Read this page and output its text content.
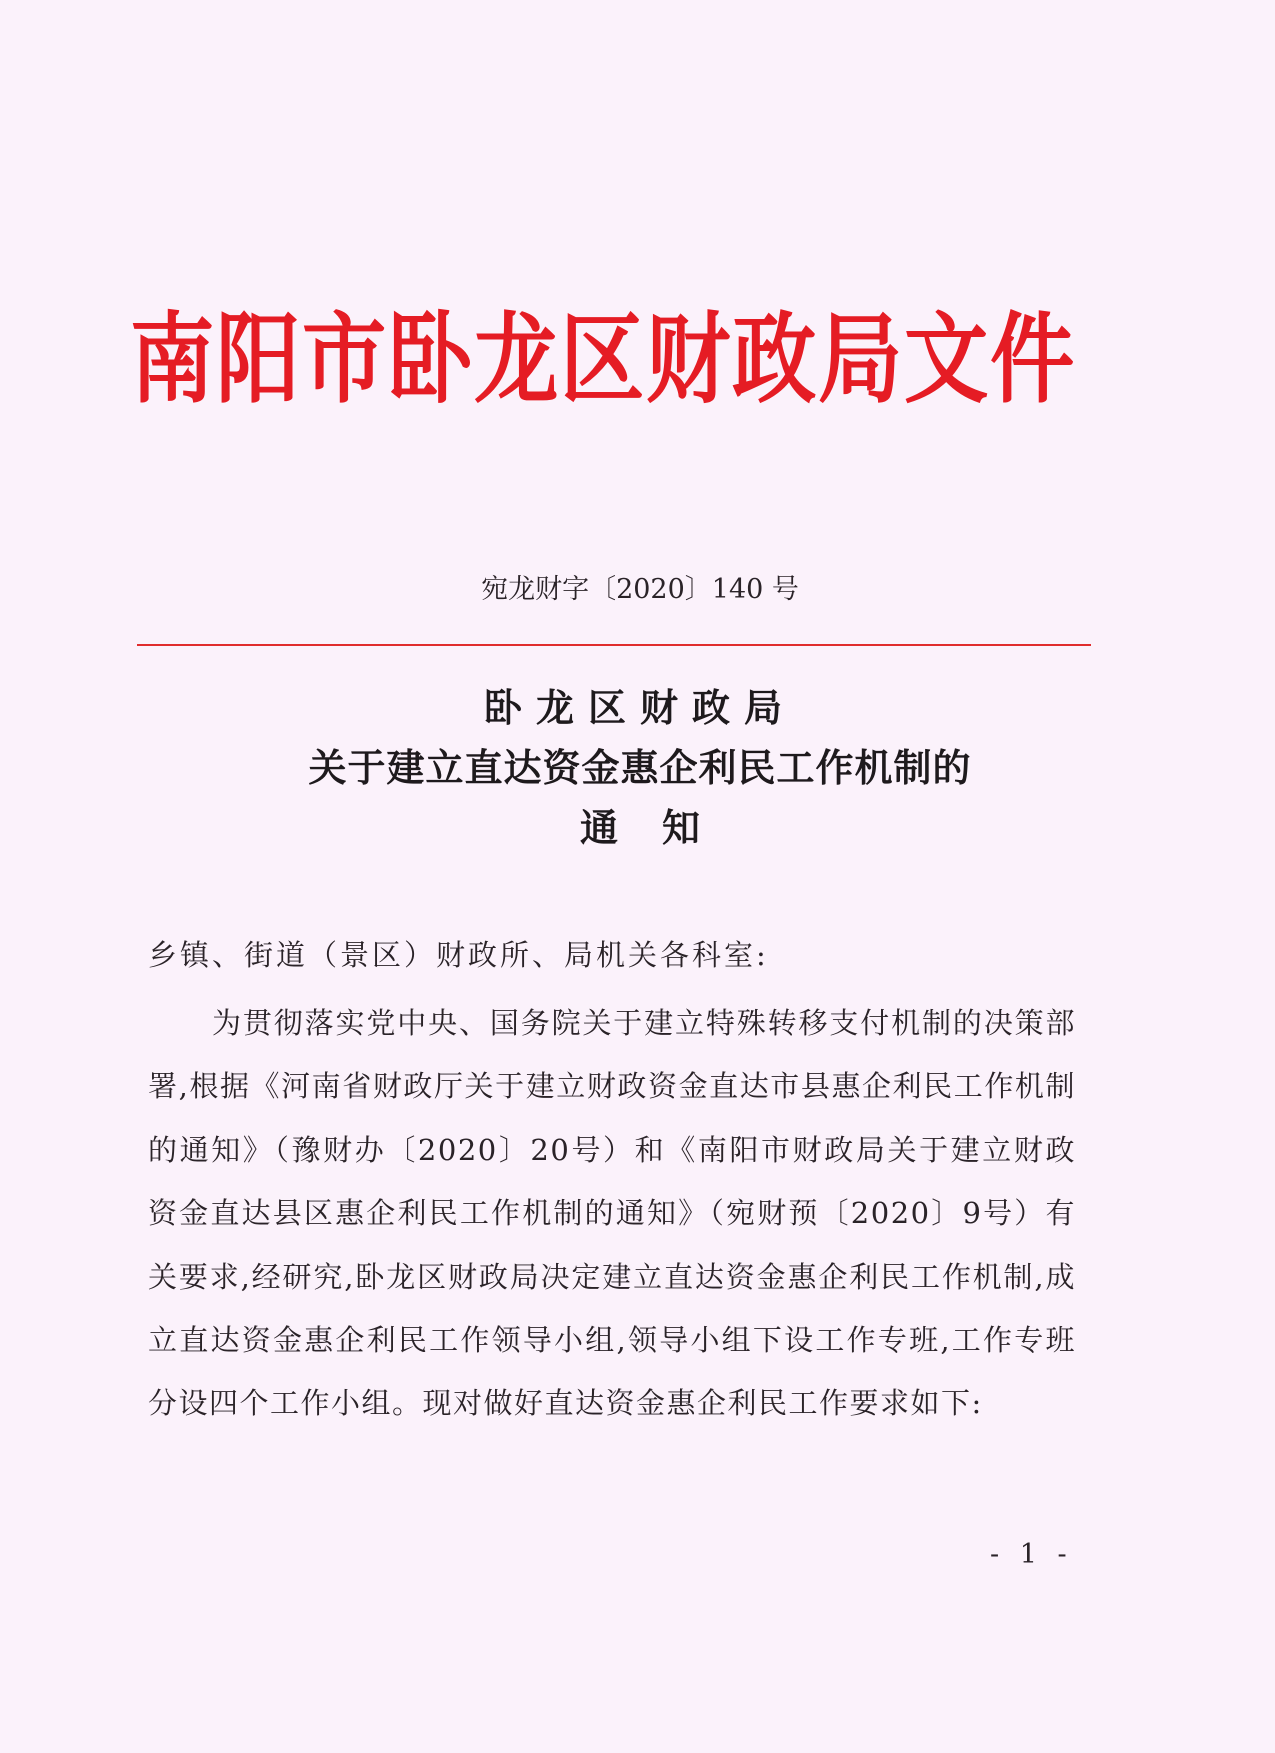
南阳市卧龙区财政局文件
宛龙财字〔2020〕140 号
卧龙区财政局
关于建立直达资金惠企利民工作机制的
通知
乡镇、街道（景区）财政所、局机关各科室:

为贯彻落实党中央、国务院关于建立特殊转移支付机制的决策部署,根据《河南省财政厅关于建立财政资金直达市县惠企利民工作机制的通知》（豫财办〔2020〕20号）和《南阳市财政局关于建立财政资金直达县区惠企利民工作机制的通知》（宛财预〔2020〕9号）有关要求,经研究,卧龙区财政局决定建立直达资金惠企利民工作机制,成立直达资金惠企利民工作领导小组,领导小组下设工作专班,工作专班分设四个工作小组。现对做好直达资金惠企利民工作要求如下:

- 1 -
